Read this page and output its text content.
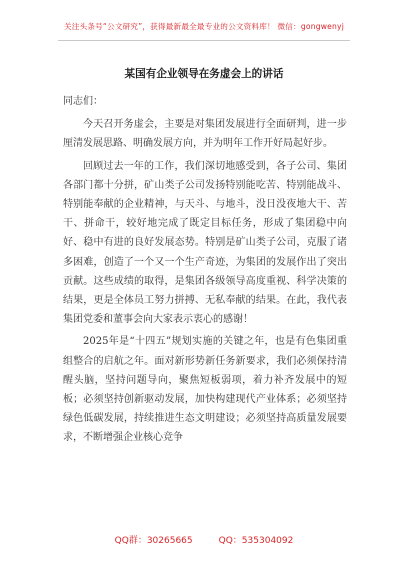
关注头条号“公文研究”，获得最新最全最专业的公文资料库！ 微信：gongwenyj
某国有企业领导在务虚会上的讲话

同志们：

今天召开务虚会，主要是对集团发展进行全面研判，进一步厘清发展思路、明确发展方向，并为明年工作开好局起好步。

回顾过去一年的工作，我们深切地感受到，各子公司、集团各部门都十分拼，矿山类子公司发扬特别能吃苦、特别能战斗、特别能奉献的企业精神，与天斗、与地斗，没日没夜地大干、苦干、拼命干，较好地完成了既定目标任务，形成了集团稳中向好、稳中有进的良好发展态势。特别是矿山类子公司，克服了诸多困难，创造了一个又一个生产奇迹，为集团的发展作出了突出贡献。这些成绩的取得，是集团各级领导高度重视、科学决策的结果，更是全体员工努力拼搏、无私奉献的结果。在此，我代表集团党委和董事会向大家表示衷心的感谢！

2025年是“十四五”规划实施的关键之年，也是有色集团重组整合的启航之年。面对新形势新任务新要求，我们必须保持清醒头脑，坚持问题导向，聚焦短板弱项，着力补齐发展中的短板；必须坚持创新驱动发展，加快构建现代产业体系；必须坚持绿色低碳发展，持续推进生态文明建设；必须坚持高质量发展要求，不断增强企业核心竞争

QQ群：30265665	QQ：535304092
